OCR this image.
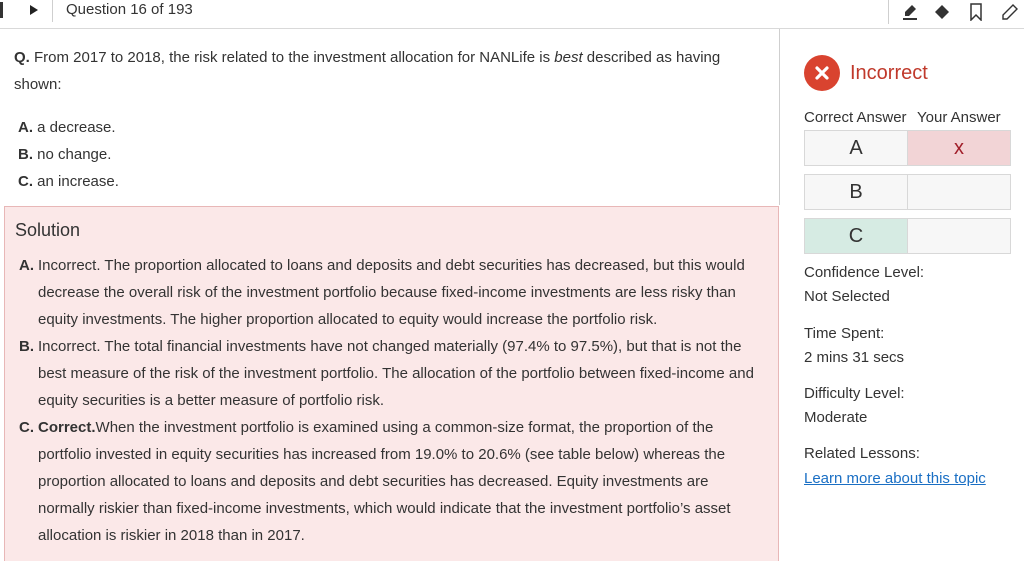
Question 16 of 193
Q. From 2017 to 2018, the risk related to the investment allocation for NANLife is best described as having shown:
A. a decrease.
B. no change.
C. an increase.
Solution
A. Incorrect. The proportion allocated to loans and deposits and debt securities has decreased, but this would decrease the overall risk of the investment portfolio because fixed-income investments are less risky than equity investments. The higher proportion allocated to equity would increase the portfolio risk.
B. Incorrect. The total financial investments have not changed materially (97.4% to 97.5%), but that is not the best measure of the risk of the investment portfolio. The allocation of the portfolio between fixed-income and equity securities is a better measure of portfolio risk.
C. Correct.When the investment portfolio is examined using a common-size format, the proportion of the portfolio invested in equity securities has increased from 19.0% to 20.6% (see table below) whereas the proportion allocated to loans and deposits and debt securities has decreased. Equity investments are normally riskier than fixed-income investments, which would indicate that the investment portfolio’s asset allocation is riskier in 2018 than in 2017.
Incorrect
Correct Answer Your Answer
A	x
B
C
Confidence Level:
Not Selected
Time Spent:
2 mins 31 secs
Difficulty Level:
Moderate
Related Lessons:
Learn more about this topic
